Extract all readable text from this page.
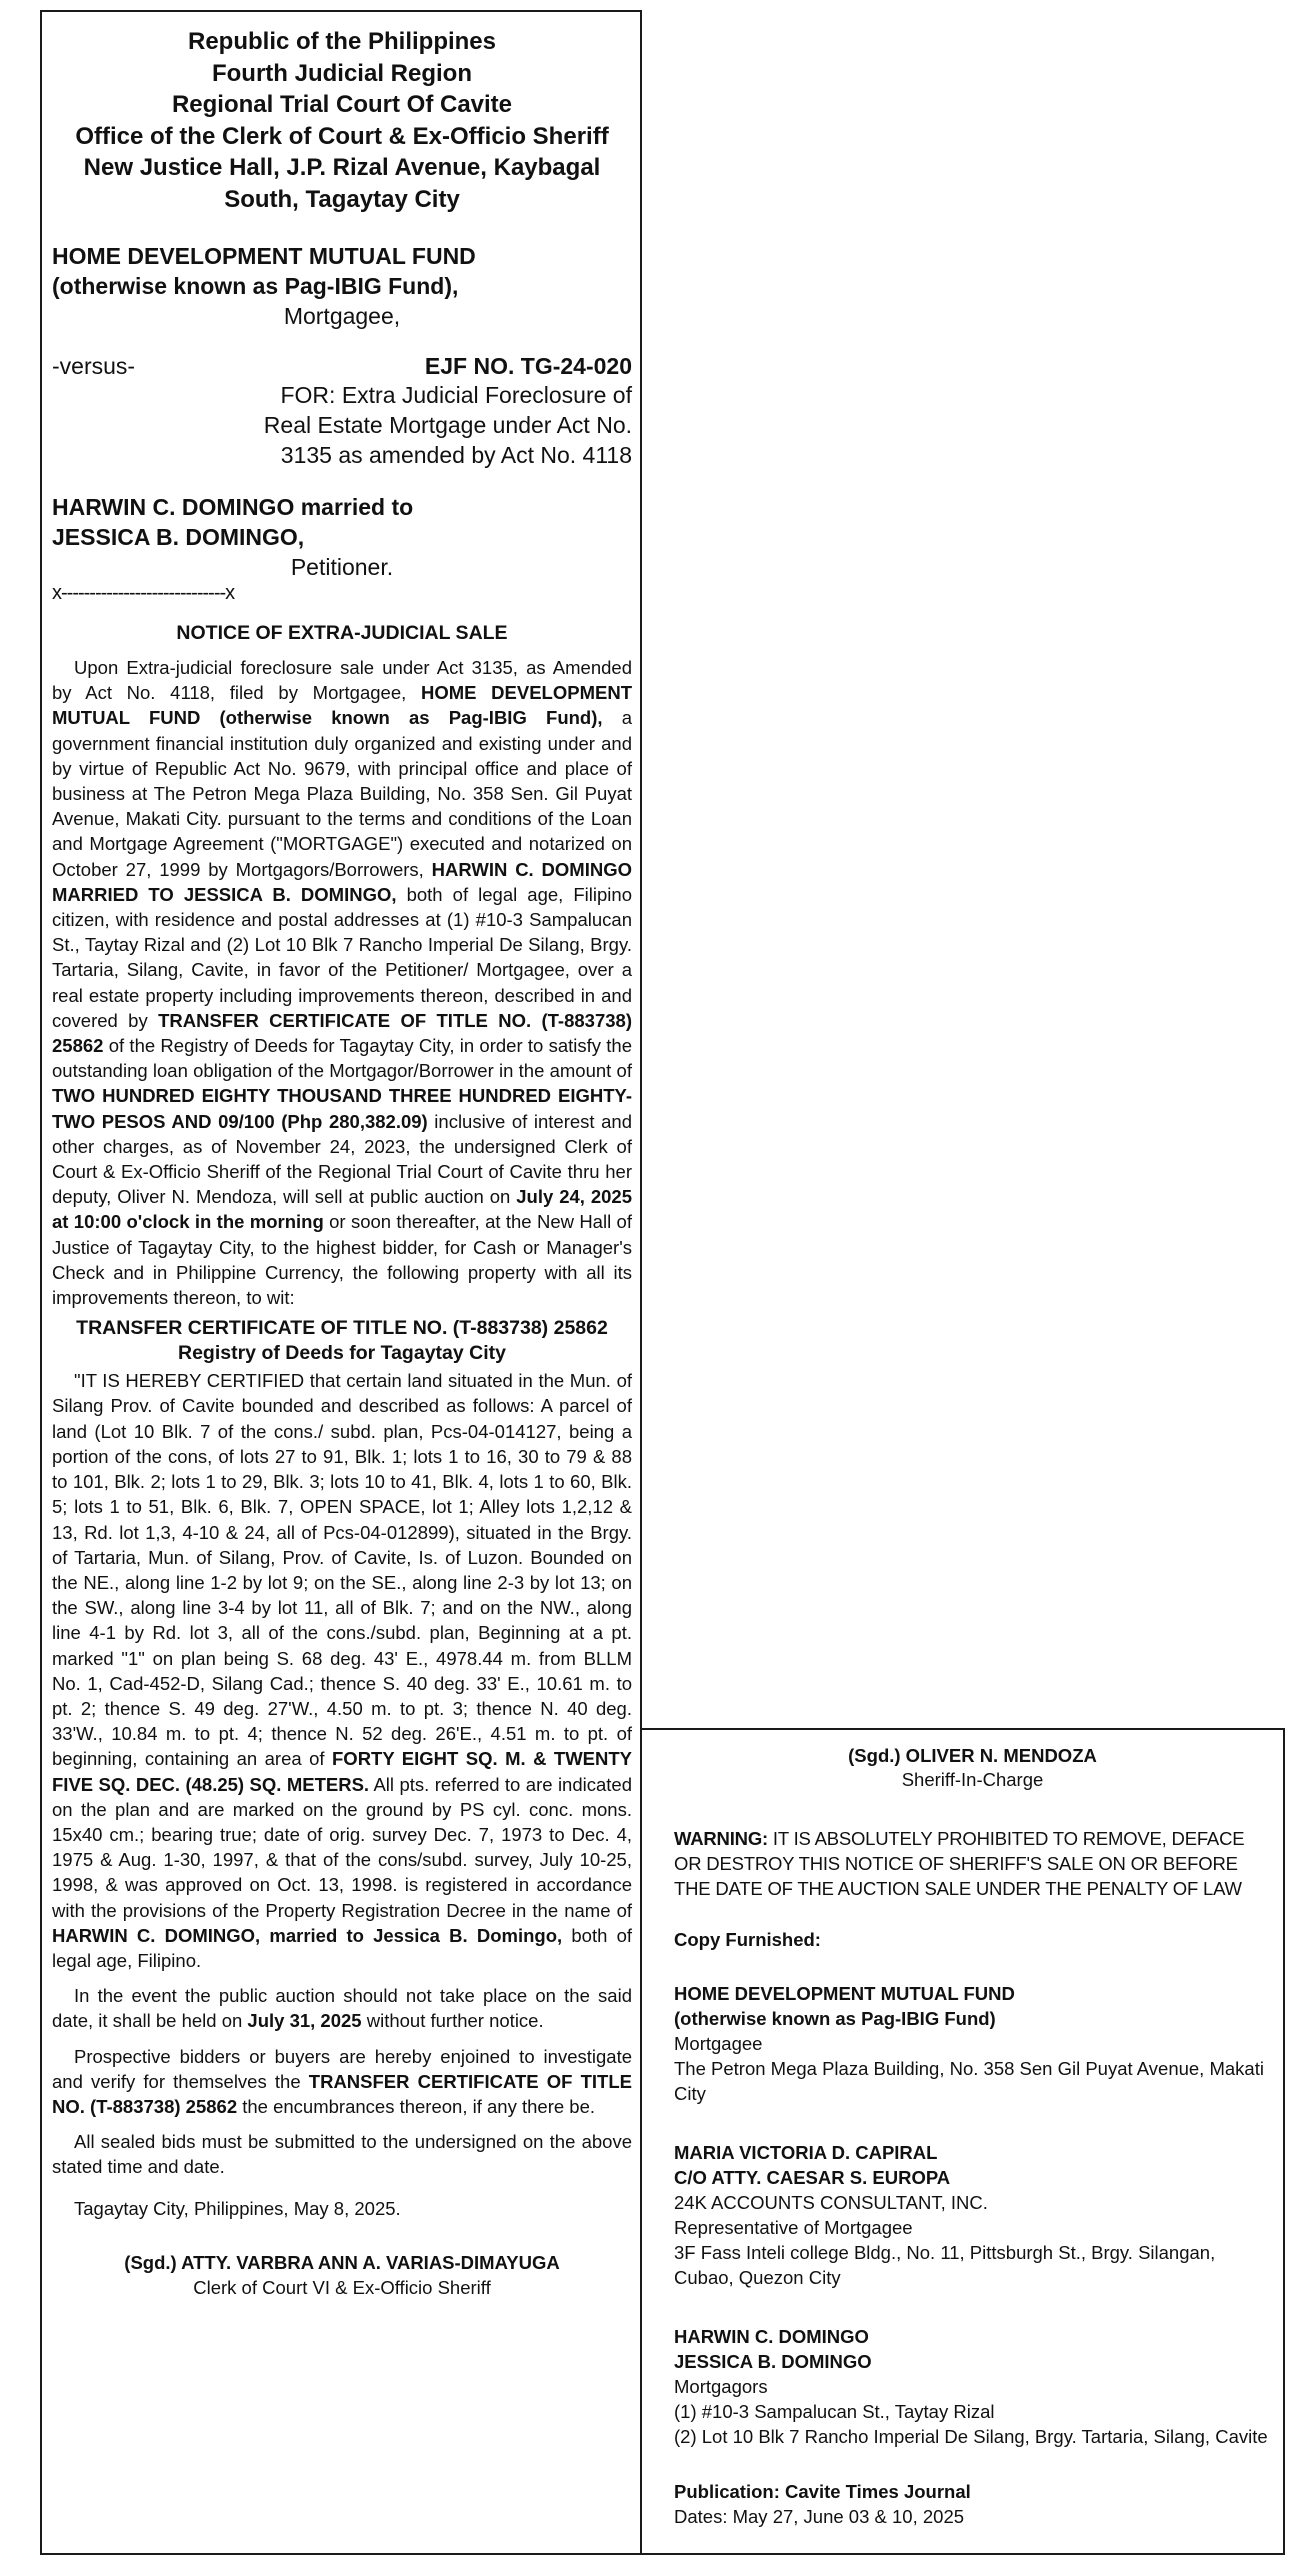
Republic of the Philippines
Fourth Judicial Region
Regional Trial Court Of Cavite
Office of the Clerk of Court & Ex-Officio Sheriff
New Justice Hall, J.P. Rizal Avenue, Kaybagal
South, Tagaytay City
HOME DEVELOPMENT MUTUAL FUND
(otherwise known as Pag-IBIG Fund),
Mortgagee,
-versus-	EJF NO. TG-24-020
FOR: Extra Judicial Foreclosure of
Real Estate Mortgage under Act No.
3135 as amended by Act No. 4118
HARWIN C. DOMINGO married to
JESSICA B. DOMINGO,
Petitioner.
x-----------------------------x
NOTICE OF EXTRA-JUDICIAL SALE

Upon Extra-judicial foreclosure sale under Act 3135, as Amended by Act No. 4118, filed by Mortgagee, HOME DEVELOPMENT MUTUAL FUND (otherwise known as Pag-IBIG Fund), a government financial institution duly organized and existing under and by virtue of Republic Act No. 9679, with principal office and place of business at The Petron Mega Plaza Building, No. 358 Sen. Gil Puyat Avenue, Makati City. pursuant to the terms and conditions of the Loan and Mortgage Agreement ("MORTGAGE") executed and notarized on October 27, 1999 by Mortgagors/Borrowers, HARWIN C. DOMINGO MARRIED TO JESSICA B. DOMINGO, both of legal age, Filipino citizen, with residence and postal addresses at (1) #10-3 Sampalucan St., Taytay Rizal and (2) Lot 10 Blk 7 Rancho Imperial De Silang, Brgy. Tartaria, Silang, Cavite, in favor of the Petitioner/ Mortgagee, over a real estate property including improvements thereon, described in and covered by TRANSFER CERTIFICATE OF TITLE NO. (T-883738) 25862 of the Registry of Deeds for Tagaytay City, in order to satisfy the outstanding loan obligation of the Mortgagor/Borrower in the amount of TWO HUNDRED EIGHTY THOUSAND THREE HUNDRED EIGHTY-TWO PESOS AND 09/100 (Php 280,382.09) inclusive of interest and other charges, as of November 24, 2023, the undersigned Clerk of Court & Ex-Officio Sheriff of the Regional Trial Court of Cavite thru her deputy, Oliver N. Mendoza, will sell at public auction on July 24, 2025 at 10:00 o'clock in the morning or soon thereafter, at the New Hall of Justice of Tagaytay City, to the highest bidder, for Cash or Manager's Check and in Philippine Currency, the following property with all its improvements thereon, to wit:

TRANSFER CERTIFICATE OF TITLE NO. (T-883738) 25862
Registry of Deeds for Tagaytay City

"IT IS HEREBY CERTIFIED that certain land situated in the Mun. of Silang Prov. of Cavite bounded and described as follows: A parcel of land (Lot 10 Blk. 7 of the cons./ subd. plan, Pcs-04-014127, being a portion of the cons, of lots 27 to 91, Blk. 1; lots 1 to 16, 30 to 79 & 88 to 101, Blk. 2; lots 1 to 29, Blk. 3; lots 10 to 41, Blk. 4, lots 1 to 60, Blk. 5; lots 1 to 51, Blk. 6, Blk. 7, OPEN SPACE, lot 1; Alley lots 1,2,12 & 13, Rd. lot 1,3, 4-10 & 24, all of Pcs-04-012899), situated in the Brgy. of Tartaria, Mun. of Silang, Prov. of Cavite, Is. of Luzon. Bounded on the NE., along line 1-2 by lot 9; on the SE., along line 2-3 by lot 13; on the SW., along line 3-4 by lot 11, all of Blk. 7; and on the NW., along line 4-1 by Rd. lot 3, all of the cons./subd. plan, Beginning at a pt. marked "1" on plan being S. 68 deg. 43' E., 4978.44 m. from BLLM No. 1, Cad-452-D, Silang Cad.; thence S. 40 deg. 33' E., 10.61 m. to pt. 2; thence S. 49 deg. 27'W., 4.50 m. to pt. 3; thence N. 40 deg. 33'W., 10.84 m. to pt. 4; thence N. 52 deg. 26'E., 4.51 m. to pt. of beginning, containing an area of FORTY EIGHT SQ. M. & TWENTY FIVE SQ. DEC. (48.25) SQ. METERS. All pts. referred to are indicated on the plan and are marked on the ground by PS cyl. conc. mons. 15x40 cm.; bearing true; date of orig. survey Dec. 7, 1973 to Dec. 4, 1975 & Aug. 1-30, 1997, & that of the cons/subd. survey, July 10-25, 1998, & was approved on Oct. 13, 1998. is registered in accordance with the provisions of the Property Registration Decree in the name of HARWIN C. DOMINGO, married to Jessica B. Domingo, both of legal age, Filipino.

In the event the public auction should not take place on the said date, it shall be held on July 31, 2025 without further notice.

Prospective bidders or buyers are hereby enjoined to investigate and verify for themselves the TRANSFER CERTIFICATE OF TITLE NO. (T-883738) 25862 the encumbrances thereon, if any there be.

All sealed bids must be submitted to the undersigned on the above stated time and date.

Tagaytay City, Philippines, May 8, 2025.
(Sgd.) ATTY. VARBRA ANN A. VARIAS-DIMAYUGA
Clerk of Court VI & Ex-Officio Sheriff
(Sgd.) OLIVER N. MENDOZA
Sheriff-In-Charge
WARNING: IT IS ABSOLUTELY PROHIBITED TO REMOVE, DEFACE OR DESTROY THIS NOTICE OF SHERIFF'S SALE ON OR BEFORE THE DATE OF THE AUCTION SALE UNDER THE PENALTY OF LAW
Copy Furnished:
HOME DEVELOPMENT MUTUAL FUND
(otherwise known as Pag-IBIG Fund)
Mortgagee
The Petron Mega Plaza Building, No. 358 Sen Gil Puyat Avenue, Makati City
MARIA VICTORIA D. CAPIRAL
C/O ATTY. CAESAR S. EUROPA
24K ACCOUNTS CONSULTANT, INC.
Representative of Mortgagee
3F Fass Inteli college Bldg., No. 11, Pittsburgh St., Brgy. Silangan, Cubao, Quezon City
HARWIN C. DOMINGO
JESSICA B. DOMINGO
Mortgagors
(1) #10-3 Sampalucan St., Taytay Rizal
(2) Lot 10 Blk 7 Rancho Imperial De Silang, Brgy. Tartaria, Silang, Cavite
Publication: Cavite Times Journal
Dates: May 27, June 03 & 10, 2025
